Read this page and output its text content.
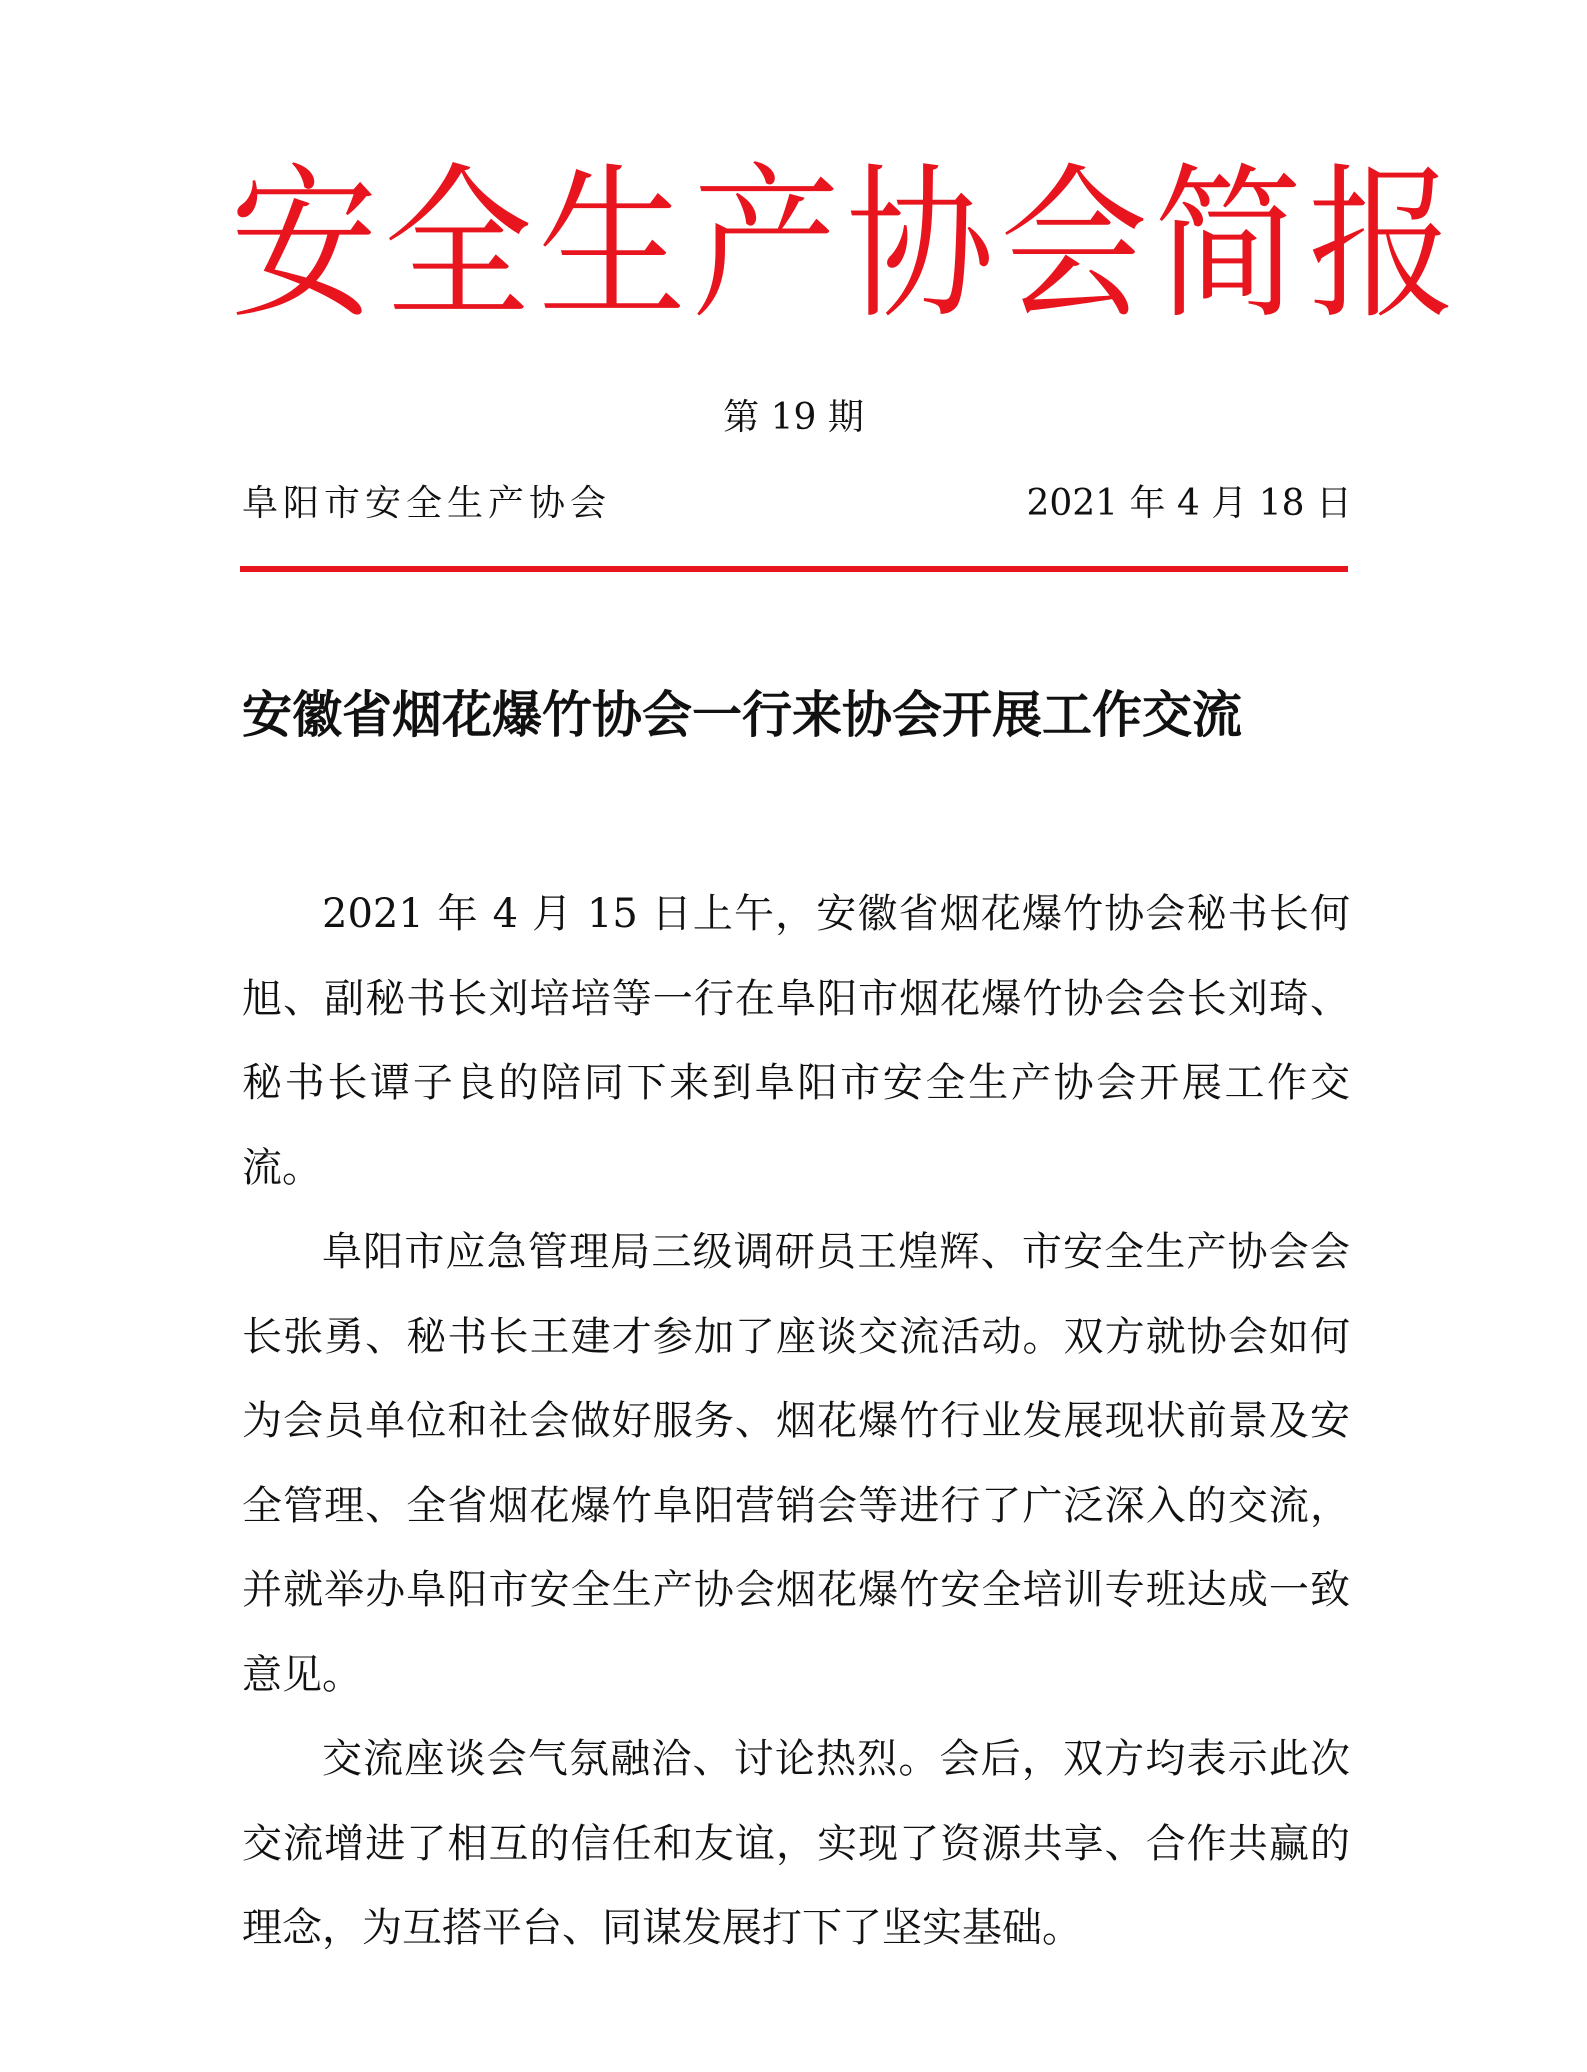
安全生产协会简报
第 19 期
阜阳市安全生产协会	2021 年 4 月 18 日
安徽省烟花爆竹协会一行来协会开展工作交流

2021 年 4 月 15 日上午，安徽省烟花爆竹协会秘书长何旭、副秘书长刘培培等一行在阜阳市烟花爆竹协会会长刘琦、秘书长谭子良的陪同下来到阜阳市安全生产协会开展工作交流。

阜阳市应急管理局三级调研员王煌辉、市安全生产协会会长张勇、秘书长王建才参加了座谈交流活动。双方就协会如何为会员单位和社会做好服务、烟花爆竹行业发展现状前景及安全管理、全省烟花爆竹阜阳营销会等进行了广泛深入的交流，并就举办阜阳市安全生产协会烟花爆竹安全培训专班达成一致意见。

交流座谈会气氛融洽、讨论热烈。会后，双方均表示此次交流增进了相互的信任和友谊，实现了资源共享、合作共赢的理念，为互搭平台、同谋发展打下了坚实基础。
